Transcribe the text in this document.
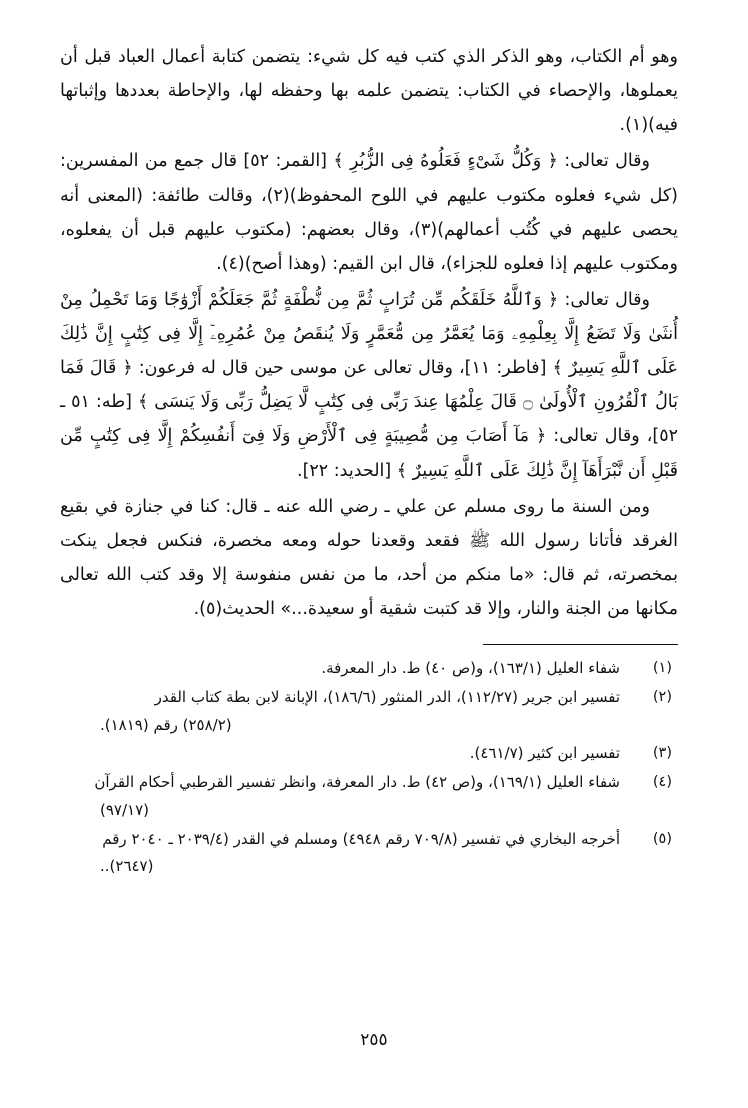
وهو أم الكتاب، وهو الذكر الذي كتب فيه كل شيء: يتضمن كتابة أعمال العباد قبل أن يعملوها، والإحصاء في الكتاب: يتضمن علمه بها وحفظه لها، والإحاطة بعددها وإثباتها فيه)(١).

وقال تعالى: ﴿ وَكُلُّ شَىْءٍ فَعَلُوهُ فِى الزُّبُرِ ﴾ [القمر: ٥٢] قال جمع من المفسرين: (كل شيء فعلوه مكتوب عليهم في اللوح المحفوظ)(٢)، وقالت طائفة: (المعنى أنه يحصى عليهم في كُتُب أعمالهم)(٣)، وقال بعضهم: (مكتوب عليهم قبل أن يفعلوه، ومكتوب عليهم إذا فعلوه للجزاء)، قال ابن القيم: (وهذا أصح)(٤).

وقال تعالى: ﴿ وَٱللَّهُ خَلَقَكُم مِّن تُرَابٍ ثُمَّ مِن نُّطْفَةٍ ثُمَّ جَعَلَكُمْ أَزْوَٰجًا وَمَا تَحْمِلُ مِنْ أُنثَىٰ وَلَا تَضَعُ إِلَّا بِعِلْمِهِۦ وَمَا يُعَمَّرُ مِن مُّعَمَّرٍ وَلَا يُنقَصُ مِنْ عُمُرِهِۦٓ إِلَّا فِى كِتَٰبٍ إِنَّ ذَٰلِكَ عَلَى ٱللَّهِ يَسِيرٌ ﴾ [فاطر: ١١]، وقال تعالى عن موسى حين قال له فرعون: ﴿ قَالَ فَمَا بَالُ ٱلْقُرُونِ ٱلْأُولَىٰ ۝ قَالَ عِلْمُهَا عِندَ رَبِّى فِى كِتَٰبٍ لَّا يَضِلُّ رَبِّى وَلَا يَنسَى ﴾ [طه: ٥١ ـ ٥٢]، وقال تعالى: ﴿ مَآ أَصَابَ مِن مُّصِيبَةٍ فِى ٱلْأَرْضِ وَلَا فِىٓ أَنفُسِكُمْ إِلَّا فِى كِتَٰبٍ مِّن قَبْلِ أَن نَّبْرَأَهَآ إِنَّ ذَٰلِكَ عَلَى ٱللَّهِ يَسِيرٌ ﴾ [الحديد: ٢٢].

ومن السنة ما روى مسلم عن علي ـ رضي الله عنه ـ قال: كنا في جنازة في بقيع الغرقد فأتانا رسول الله ﷺ فقعد وقعدنا حوله ومعه مخصرة، فنكس فجعل ينكت بمخصرته، ثم قال: «ما منكم من أحد، ما من نفس منفوسة إلا وقد كتب الله تعالى مكانها من الجنة والنار، وإلا قد كتبت شقية أو سعيدة...» الحديث(٥).

(١)
شفاء العليل (١٦٣/١)، و(ص ٤٠) ط. دار المعرفة.
(٢)
تفسير ابن جرير (١١٢/٢٧)، الدر المنثور (١٨٦/٦)، الإبانة لابن بطة كتاب القدر
(٢٥٨/٢) رقم (١٨١٩).
(٣)
تفسير ابن كثير (٤٦١/٧).
(٤)
شفاء العليل (١٦٩/١)، و(ص ٤٢) ط. دار المعرفة، وانظر تفسير القرطبي أحكام القرآن
(٩٧/١٧)
(٥)
أخرجه البخاري في تفسير (٧٠٩/٨ رقم ٤٩٤٨) ومسلم في القدر (٢٠٣٩/٤ ـ ٢٠٤٠ رقم
(٢٦٤٧)..
٢٥٥
